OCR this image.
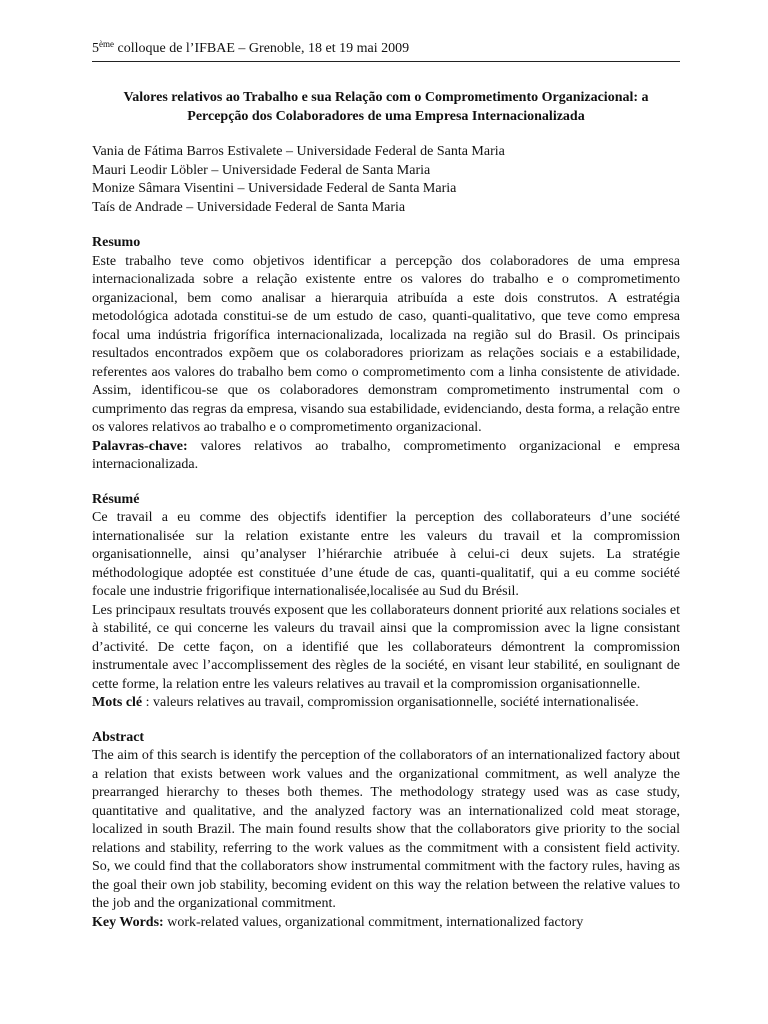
5ème colloque de l’IFBAE – Grenoble, 18 et 19 mai 2009
Valores relativos ao Trabalho e sua Relação com o Comprometimento Organizacional: a
Percepção dos Colaboradores de uma Empresa Internacionalizada
Vania de Fátima Barros Estivalete – Universidade Federal de Santa Maria
Mauri Leodir Löbler – Universidade Federal de Santa Maria
Monize Sâmara Visentini – Universidade Federal de Santa Maria
Taís de Andrade – Universidade Federal de Santa Maria
Resumo
Este trabalho teve como objetivos identificar a percepção dos colaboradores de uma empresa internacionalizada sobre a relação existente entre os valores do trabalho e o comprometimento organizacional, bem como analisar a hierarquia atribuída a este dois construtos. A estratégia metodológica adotada constitui-se de um estudo de caso, quanti-qualitativo, que teve como empresa focal uma indústria frigorífica internacionalizada, localizada na região sul do Brasil. Os principais resultados encontrados expõem que os colaboradores priorizam as relações sociais e a estabilidade, referentes aos valores do trabalho bem como o comprometimento com a linha consistente de atividade. Assim, identificou-se que os colaboradores demonstram comprometimento instrumental com o cumprimento das regras da empresa, visando sua estabilidade, evidenciando, desta forma, a relação entre os valores relativos ao trabalho e o comprometimento organizacional.
Palavras-chave: valores relativos ao trabalho, comprometimento organizacional e empresa internacionalizada.
Résumé
Ce travail a eu comme des objectifs identifier la perception des collaborateurs d’une société internationalisée sur la relation existante entre les valeurs du travail et la compromission organisationnelle, ainsi qu’analyser l’hiérarchie atribuée à celui-ci deux sujets. La stratégie méthodologique adoptée est constituée d’une étude de cas, quanti-qualitatif, qui a eu comme société focale une industrie frigorifique internationalisée,localisée au Sud du Brésil.
Les principaux resultats trouvés exposent que les collaborateurs donnent priorité aux relations sociales et à stabilité, ce qui concerne les valeurs du travail ainsi que la compromission avec la ligne consistant d’activité. De cette façon, on a identifié que les collaborateurs démontrent la compromission instrumentale avec l’accomplissement des règles de la société, en visant leur stabilité, en soulignant de cette forme, la relation entre les valeurs relatives au travail et la compromission organisationnelle.
Mots clé : valeurs relatives au travail, compromission organisationnelle, société internationalisée.
Abstract
The aim of this search is identify the perception of the collaborators of an internationalized factory about a relation that exists between work values and the organizational commitment, as well analyze the prearranged hierarchy to theses both themes. The methodology strategy used was as case study, quantitative and qualitative, and the analyzed factory was an internationalized cold meat storage, localized in south Brazil. The main found results show that the collaborators give priority to the social relations and stability, referring to the work values as the commitment with a consistent field activity. So, we could find that the collaborators show instrumental commitment with the factory rules, having as the goal their own job stability, becoming evident on this way the relation between the relative values to the job and the organizational commitment.
Key Words: work-related values, organizational commitment, internationalized factory
